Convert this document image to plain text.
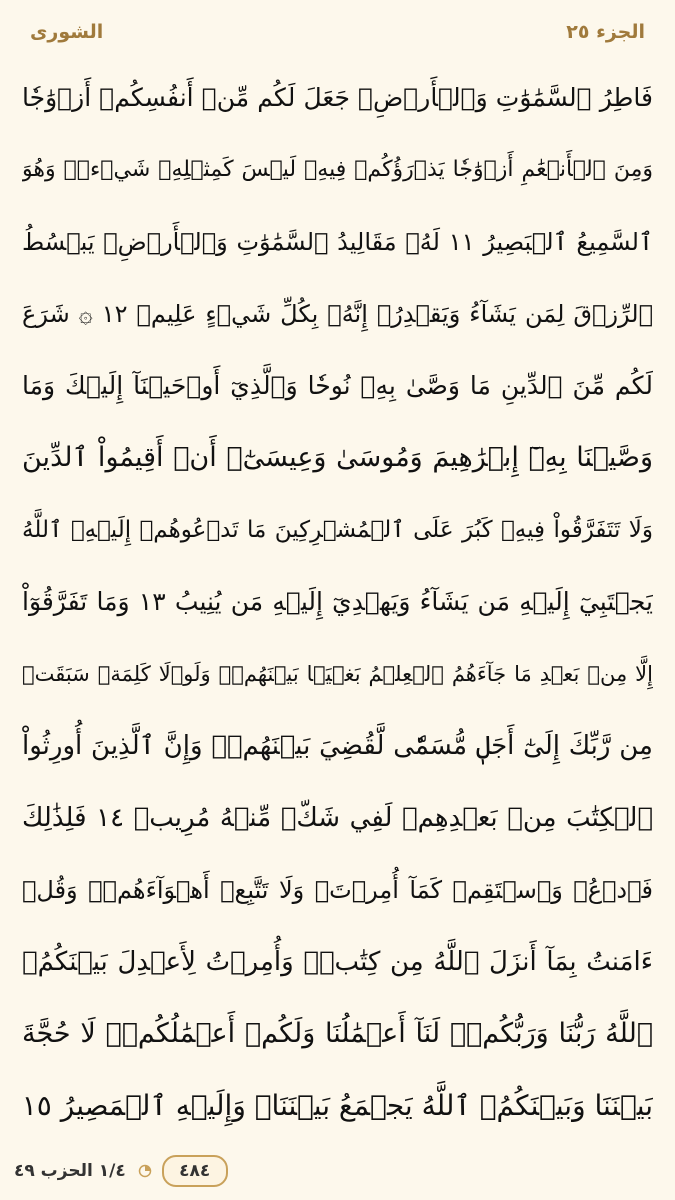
الجزء ٢٥
الشورى
فَاطِرُ ٱلسَّمَٰوَٰتِ وَٱلۡأَرۡضِۚ جَعَلَ لَكُم مِّنۡ أَنفُسِكُمۡ أَزۡوَٰجٗا
وَمِنَ ٱلۡأَنۡعَٰمِ أَزۡوَٰجٗا يَذۡرَؤُكُمۡ فِيهِۚ لَيۡسَ كَمِثۡلِهِۦ شَيۡءٞۖ وَهُوَ
ٱلسَّمِيعُ ٱلۡبَصِيرُ ١١ لَهُۥ مَقَالِيدُ ٱلسَّمَٰوَٰتِ وَٱلۡأَرۡضِۖ يَبۡسُطُ
ٱلرِّزۡقَ لِمَن يَشَآءُ وَيَقۡدِرُۚ إِنَّهُۥ بِكُلِّ شَيۡءٍ عَلِيمٞ ١٢ ۞ شَرَعَ
لَكُم مِّنَ ٱلدِّينِ مَا وَصَّىٰ بِهِۦ نُوحٗا وَٱلَّذِيٓ أَوۡحَيۡنَآ إِلَيۡكَ وَمَا
وَصَّيۡنَا بِهِۦٓ إِبۡرَٰهِيمَ وَمُوسَىٰ وَعِيسَىٰٓۖ أَنۡ أَقِيمُواْ ٱلدِّينَ
وَلَا تَتَفَرَّقُواْ فِيهِۚ كَبُرَ عَلَى ٱلۡمُشۡرِكِينَ مَا تَدۡعُوهُمۡ إِلَيۡهِۚ ٱللَّهُ
يَجۡتَبِيٓ إِلَيۡهِ مَن يَشَآءُ وَيَهۡدِيٓ إِلَيۡهِ مَن يُنِيبُ ١٣ وَمَا تَفَرَّقُوٓاْ
إِلَّا مِنۢ بَعۡدِ مَا جَآءَهُمُ ٱلۡعِلۡمُ بَغۡيَۢا بَيۡنَهُمۡۚ وَلَوۡلَا كَلِمَةٞ سَبَقَتۡ
مِن رَّبِّكَ إِلَىٰٓ أَجَلٖ مُّسَمّٗى لَّقُضِيَ بَيۡنَهُمۡۚ وَإِنَّ ٱلَّذِينَ أُورِثُواْ
ٱلۡكِتَٰبَ مِنۢ بَعۡدِهِمۡ لَفِي شَكّٖ مِّنۡهُ مُرِيبٖ ١٤ فَلِذَٰلِكَ
فَٱدۡعُۖ وَٱسۡتَقِمۡ كَمَآ أُمِرۡتَۖ وَلَا تَتَّبِعۡ أَهۡوَآءَهُمۡۖ وَقُلۡ
ءَامَنتُ بِمَآ أَنزَلَ ٱللَّهُ مِن كِتَٰبٖۖ وَأُمِرۡتُ لِأَعۡدِلَ بَيۡنَكُمُۖ
ٱللَّهُ رَبُّنَا وَرَبُّكُمۡۖ لَنَآ أَعۡمَٰلُنَا وَلَكُمۡ أَعۡمَٰلُكُمۡۖ لَا حُجَّةَ
بَيۡنَنَا وَبَيۡنَكُمُۖ ٱللَّهُ يَجۡمَعُ بَيۡنَنَاۖ وَإِلَيۡهِ ٱلۡمَصِيرُ ١٥
٤٨٤
١/٤ الحزب ٤٩
